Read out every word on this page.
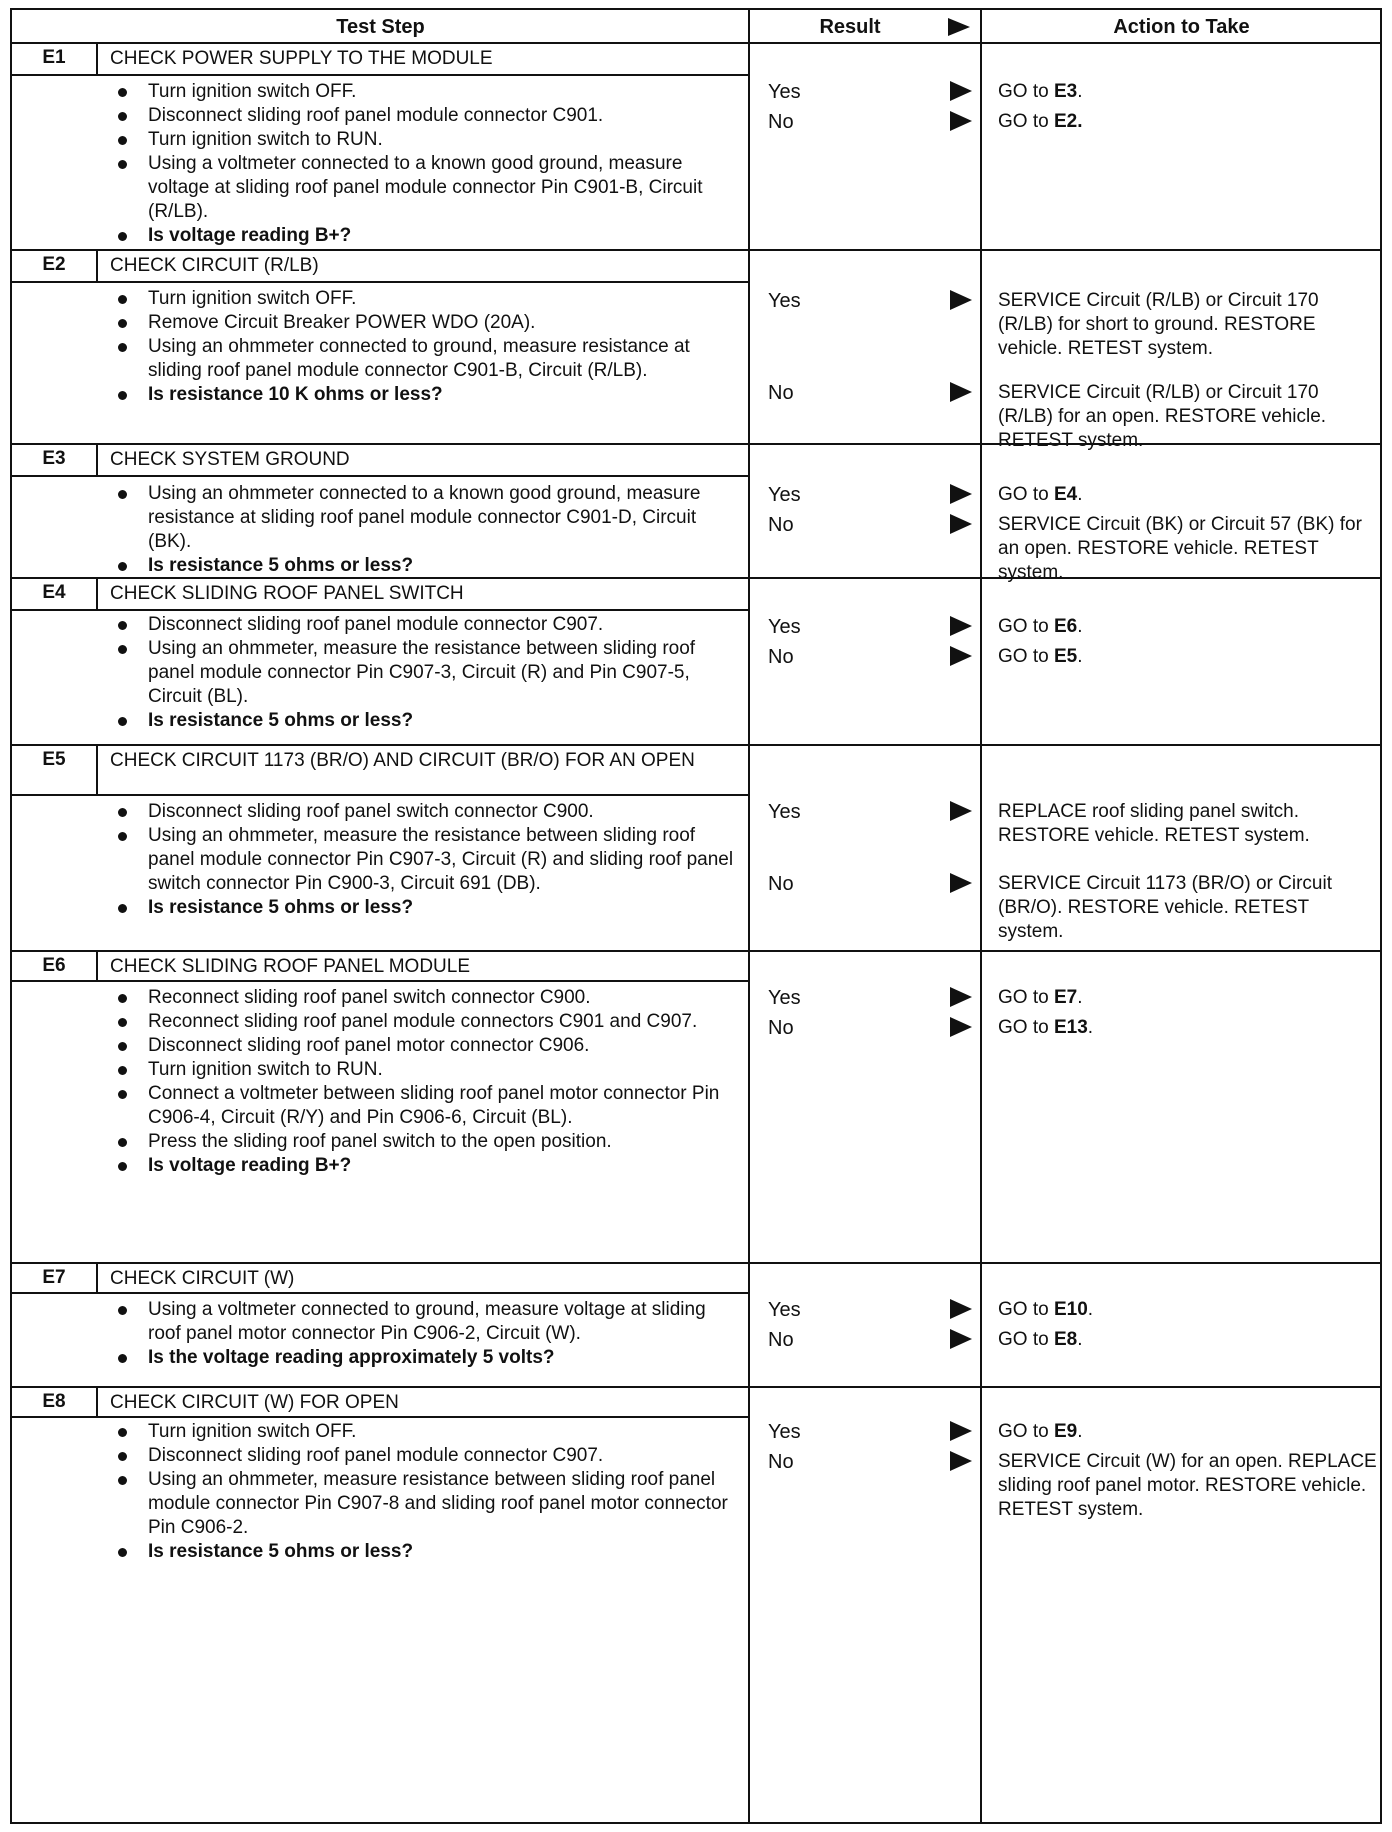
Test Step	Result	Action to Take
E1	CHECK POWER SUPPLY TO THE MODULE
Turn ignition switch OFF.
Disconnect sliding roof panel module connector C901.
Turn ignition switch to RUN.
Using a voltmeter connected to a known good ground, measure voltage at sliding roof panel module connector Pin C901-B, Circuit (R/LB).
Is voltage reading B+?
Yes	GO to E3.
No	GO to E2.
E2	CHECK CIRCUIT (R/LB)
Turn ignition switch OFF.
Remove Circuit Breaker POWER WDO (20A).
Using an ohmmeter connected to ground, measure resistance at sliding roof panel module connector C901-B, Circuit (R/LB).
Is resistance 10 K ohms or less?
Yes	SERVICE Circuit (R/LB) or Circuit 170 (R/LB) for short to ground. RESTORE vehicle. RETEST system.
No	SERVICE Circuit (R/LB) or Circuit 170 (R/LB) for an open. RESTORE vehicle. RETEST system.
E3	CHECK SYSTEM GROUND
Using an ohmmeter connected to a known good ground, measure resistance at sliding roof panel module connector C901-D, Circuit (BK).
Is resistance 5 ohms or less?
Yes	GO to E4.
No	SERVICE Circuit (BK) or Circuit 57 (BK) for an open. RESTORE vehicle. RETEST system.
E4	CHECK SLIDING ROOF PANEL SWITCH
Disconnect sliding roof panel module connector C907.
Using an ohmmeter, measure the resistance between sliding roof panel module connector Pin C907-3, Circuit (R) and Pin C907-5, Circuit (BL).
Is resistance 5 ohms or less?
Yes	GO to E6.
No	GO to E5.
E5	CHECK CIRCUIT 1173 (BR/O) AND CIRCUIT (BR/O) FOR AN OPEN
Disconnect sliding roof panel switch connector C900.
Using an ohmmeter, measure the resistance between sliding roof panel module connector Pin C907-3, Circuit (R) and sliding roof panel switch connector Pin C900-3, Circuit 691 (DB).
Is resistance 5 ohms or less?
Yes	REPLACE roof sliding panel switch. RESTORE vehicle. RETEST system.
No	SERVICE Circuit 1173 (BR/O) or Circuit (BR/O). RESTORE vehicle. RETEST system.
E6	CHECK SLIDING ROOF PANEL MODULE
Reconnect sliding roof panel switch connector C900.
Reconnect sliding roof panel module connectors C901 and C907.
Disconnect sliding roof panel motor connector C906.
Turn ignition switch to RUN.
Connect a voltmeter between sliding roof panel motor connector Pin C906-4, Circuit (R/Y) and Pin C906-6, Circuit (BL).
Press the sliding roof panel switch to the open position.
Is voltage reading B+?
Yes	GO to E7.
No	GO to E13.
E7	CHECK CIRCUIT (W)
Using a voltmeter connected to ground, measure voltage at sliding roof panel motor connector Pin C906-2, Circuit (W).
Is the voltage reading approximately 5 volts?
Yes	GO to E10.
No	GO to E8.
E8	CHECK CIRCUIT (W) FOR OPEN
Turn ignition switch OFF.
Disconnect sliding roof panel module connector C907.
Using an ohmmeter, measure resistance between sliding roof panel module connector Pin C907-8 and sliding roof panel motor connector Pin C906-2.
Is resistance 5 ohms or less?
Yes	GO to E9.
No	SERVICE Circuit (W) for an open. REPLACE sliding roof panel motor. RESTORE vehicle. RETEST system.
